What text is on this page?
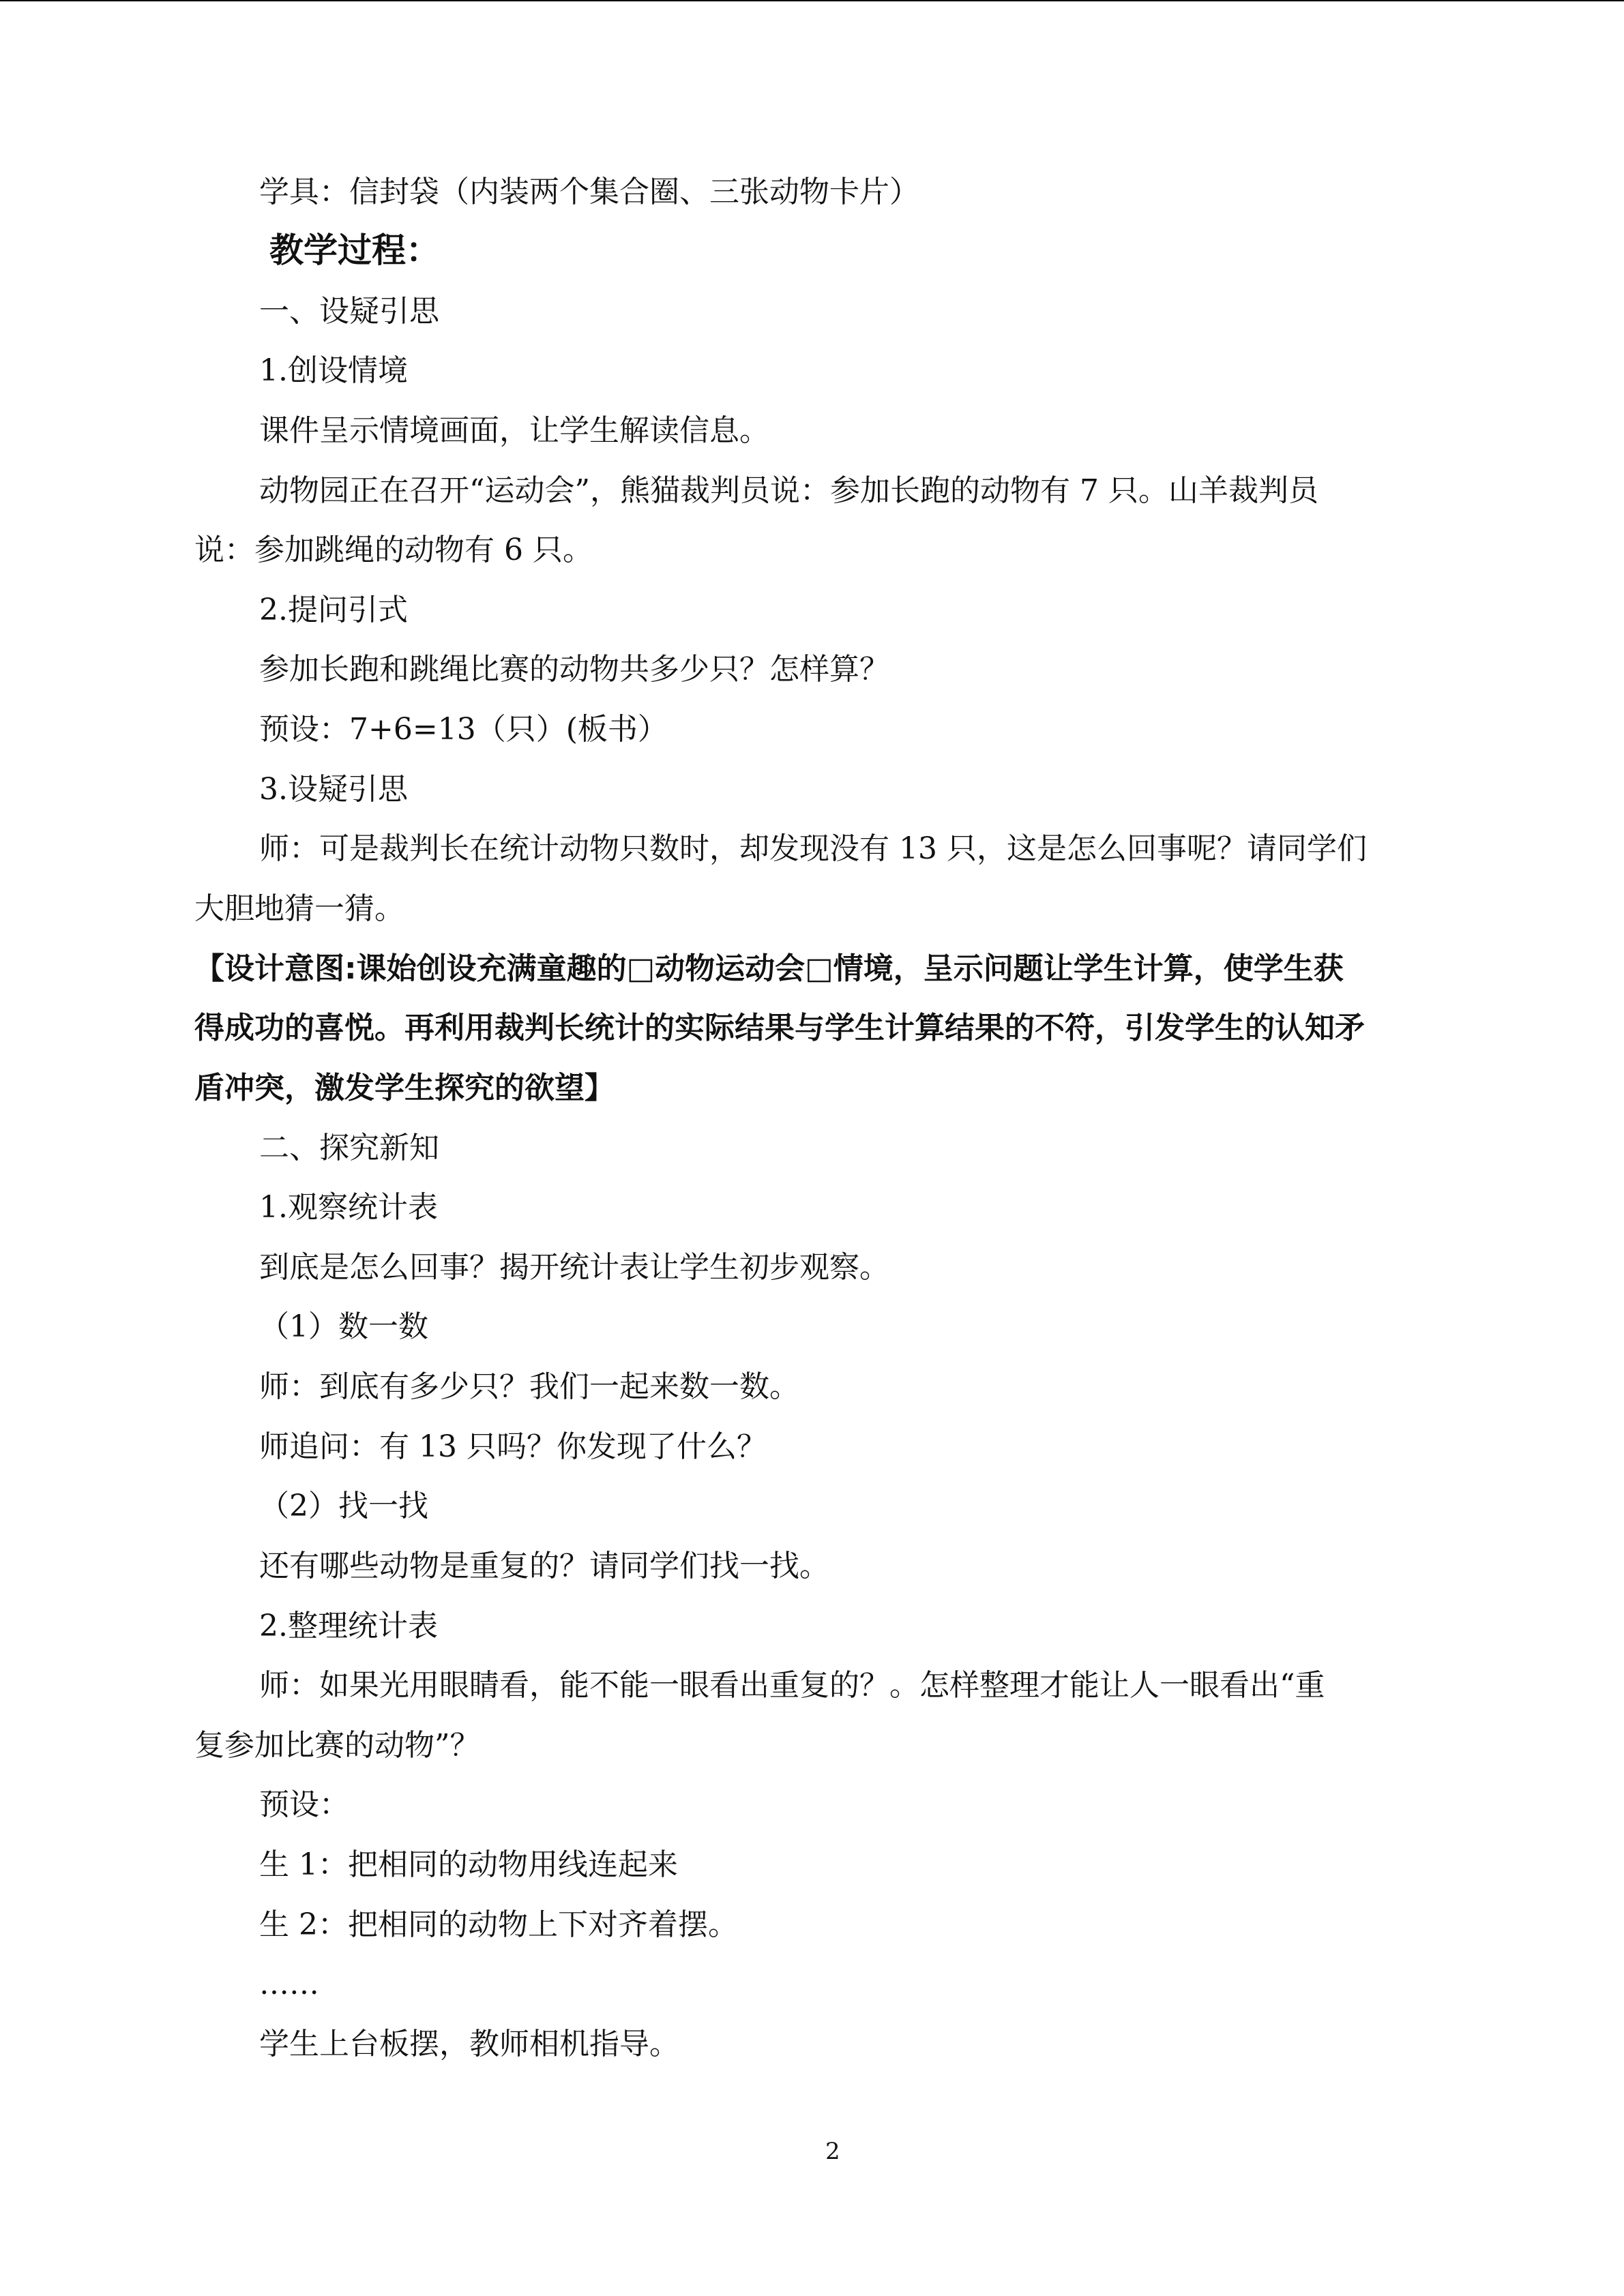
学具：信封袋（内装两个集合圈、三张动物卡片）
教学过程：
一、设疑引思
1.创设情境
课件呈示情境画面，让学生解读信息。
动物园正在召开“运动会”，熊猫裁判员说：参加长跑的动物有 7 只。山羊裁判员
说：参加跳绳的动物有 6 只。
2.提问引式
参加长跑和跳绳比赛的动物共多少只？怎样算？
预设：7+6=13（只）(板书）
3.设疑引思
师：可是裁判长在统计动物只数时，却发现没有 13 只，这是怎么回事呢？请同学们
大胆地猜一猜。
【设计意图:课始创设充满童趣的□动物运动会□情境，呈示问题让学生计算，使学生获
得成功的喜悦。再利用裁判长统计的实际结果与学生计算结果的不符，引发学生的认知矛
盾冲突，激发学生探究的欲望】
二、探究新知
1.观察统计表
到底是怎么回事？揭开统计表让学生初步观察。
（1）数一数
师：到底有多少只？我们一起来数一数。
师追问：有 13 只吗？你发现了什么？
（2）找一找
还有哪些动物是重复的？请同学们找一找。
2.整理统计表
师：如果光用眼睛看，能不能一眼看出重复的？。怎样整理才能让人一眼看出“重
复参加比赛的动物”？
预设：
生 1：把相同的动物用线连起来
生 2：把相同的动物上下对齐着摆。
……
学生上台板摆，教师相机指导。
2
